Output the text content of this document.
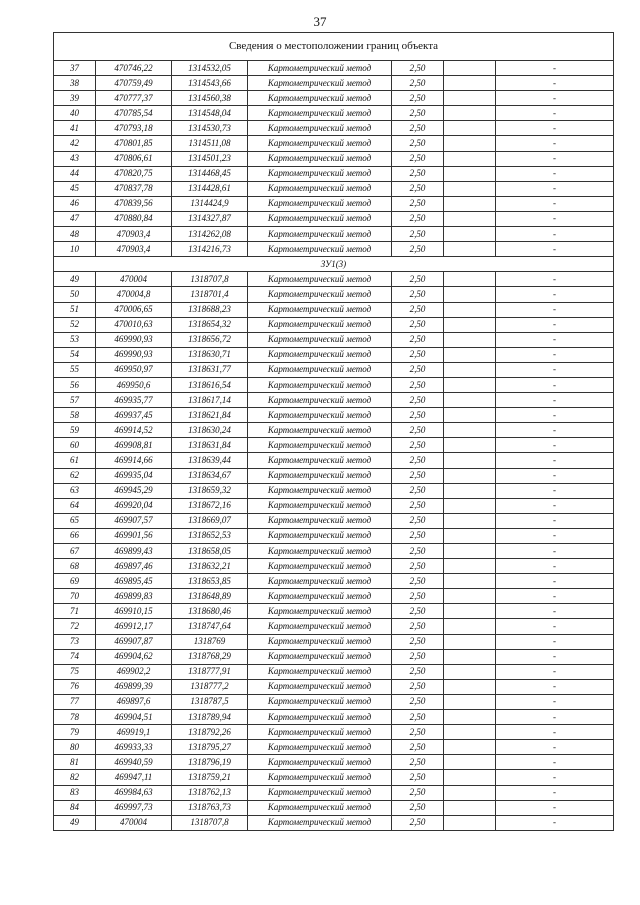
37
Сведения о местоположении границ объекта						
37	470746,22	1314532,05	Картометрический метод	2,50		-
38	470759,49	1314543,66	Картометрический метод	2,50		-
39	470777,37	1314560,38	Картометрический метод	2,50		-
40	470785,54	1314548,04	Картометрический метод	2,50		-
41	470793,18	1314530,73	Картометрический метод	2,50		-
42	470801,85	1314511,08	Картометрический метод	2,50		-
43	470806,61	1314501,23	Картометрический метод	2,50		-
44	470820,75	1314468,45	Картометрический метод	2,50		-
45	470837,78	1314428,61	Картометрический метод	2,50		-
46	470839,56	1314424,9	Картометрический метод	2,50		-
47	470880,84	1314327,87	Картометрический метод	2,50		-
48	470903,4	1314262,08	Картометрический метод	2,50		-
10	470903,4	1314216,73	Картометрический метод	2,50		-
ЗУ1(3)						
49	470004	1318707,8	Картометрический метод	2,50		-
50	470004,8	1318701,4	Картометрический метод	2,50		-
51	470006,65	1318688,23	Картометрический метод	2,50		-
52	470010,63	1318654,32	Картометрический метод	2,50		-
53	469990,93	1318656,72	Картометрический метод	2,50		-
54	469990,93	1318630,71	Картометрический метод	2,50		-
55	469950,97	1318631,77	Картометрический метод	2,50		-
56	469950,6	1318616,54	Картометрический метод	2,50		-
57	469935,77	1318617,14	Картометрический метод	2,50		-
58	469937,45	1318621,84	Картометрический метод	2,50		-
59	469914,52	1318630,24	Картометрический метод	2,50		-
60	469908,81	1318631,84	Картометрический метод	2,50		-
61	469914,66	1318639,44	Картометрический метод	2,50		-
62	469935,04	1318634,67	Картометрический метод	2,50		-
63	469945,29	1318659,32	Картометрический метод	2,50		-
64	469920,04	1318672,16	Картометрический метод	2,50		-
65	469907,57	1318669,07	Картометрический метод	2,50		-
66	469901,56	1318652,53	Картометрический метод	2,50		-
67	469899,43	1318658,05	Картометрический метод	2,50		-
68	469897,46	1318632,21	Картометрический метод	2,50		-
69	469895,45	1318653,85	Картометрический метод	2,50		-
70	469899,83	1318648,89	Картометрический метод	2,50		-
71	469910,15	1318680,46	Картометрический метод	2,50		-
72	469912,17	1318747,64	Картометрический метод	2,50		-
73	469907,87	1318769	Картометрический метод	2,50		-
74	469904,62	1318768,29	Картометрический метод	2,50		-
75	469902,2	1318777,91	Картометрический метод	2,50		-
76	469899,39	1318777,2	Картометрический метод	2,50		-
77	469897,6	1318787,5	Картометрический метод	2,50		-
78	469904,51	1318789,94	Картометрический метод	2,50		-
79	469919,1	1318792,26	Картометрический метод	2,50		-
80	469933,33	1318795,27	Картометрический метод	2,50		-
81	469940,59	1318796,19	Картометрический метод	2,50		-
82	469947,11	1318759,21	Картометрический метод	2,50		-
83	469984,63	1318762,13	Картометрический метод	2,50		-
84	469997,73	1318763,73	Картометрический метод	2,50		-
49	470004	1318707,8	Картометрический метод	2,50		-
